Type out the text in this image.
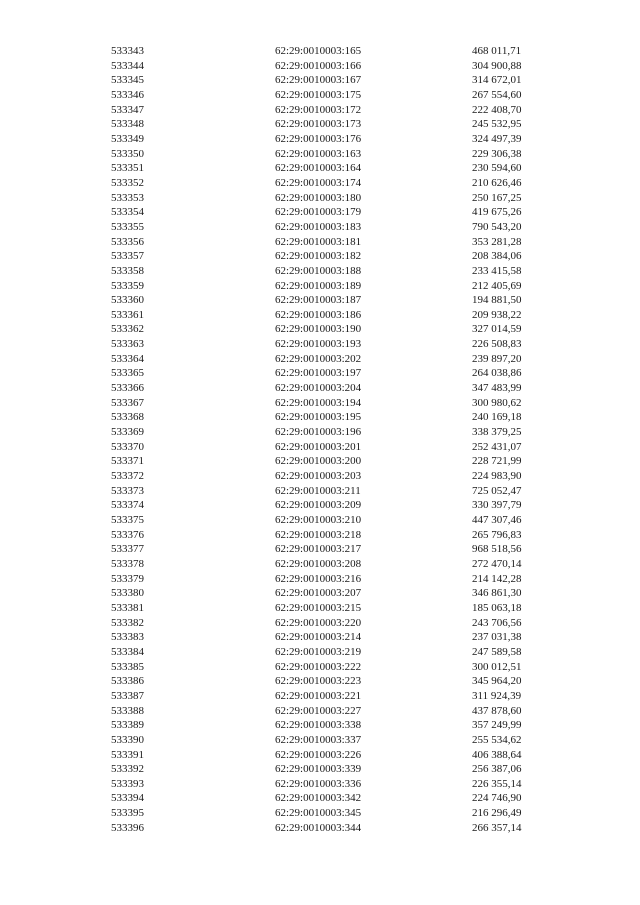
533343	62:29:0010003:165	468 011,71
533344	62:29:0010003:166	304 900,88
533345	62:29:0010003:167	314 672,01
533346	62:29:0010003:175	267 554,60
533347	62:29:0010003:172	222 408,70
533348	62:29:0010003:173	245 532,95
533349	62:29:0010003:176	324 497,39
533350	62:29:0010003:163	229 306,38
533351	62:29:0010003:164	230 594,60
533352	62:29:0010003:174	210 626,46
533353	62:29:0010003:180	250 167,25
533354	62:29:0010003:179	419 675,26
533355	62:29:0010003:183	790 543,20
533356	62:29:0010003:181	353 281,28
533357	62:29:0010003:182	208 384,06
533358	62:29:0010003:188	233 415,58
533359	62:29:0010003:189	212 405,69
533360	62:29:0010003:187	194 881,50
533361	62:29:0010003:186	209 938,22
533362	62:29:0010003:190	327 014,59
533363	62:29:0010003:193	226 508,83
533364	62:29:0010003:202	239 897,20
533365	62:29:0010003:197	264 038,86
533366	62:29:0010003:204	347 483,99
533367	62:29:0010003:194	300 980,62
533368	62:29:0010003:195	240 169,18
533369	62:29:0010003:196	338 379,25
533370	62:29:0010003:201	252 431,07
533371	62:29:0010003:200	228 721,99
533372	62:29:0010003:203	224 983,90
533373	62:29:0010003:211	725 052,47
533374	62:29:0010003:209	330 397,79
533375	62:29:0010003:210	447 307,46
533376	62:29:0010003:218	265 796,83
533377	62:29:0010003:217	968 518,56
533378	62:29:0010003:208	272 470,14
533379	62:29:0010003:216	214 142,28
533380	62:29:0010003:207	346 861,30
533381	62:29:0010003:215	185 063,18
533382	62:29:0010003:220	243 706,56
533383	62:29:0010003:214	237 031,38
533384	62:29:0010003:219	247 589,58
533385	62:29:0010003:222	300 012,51
533386	62:29:0010003:223	345 964,20
533387	62:29:0010003:221	311 924,39
533388	62:29:0010003:227	437 878,60
533389	62:29:0010003:338	357 249,99
533390	62:29:0010003:337	255 534,62
533391	62:29:0010003:226	406 388,64
533392	62:29:0010003:339	256 387,06
533393	62:29:0010003:336	226 355,14
533394	62:29:0010003:342	224 746,90
533395	62:29:0010003:345	216 296,49
533396	62:29:0010003:344	266 357,14
